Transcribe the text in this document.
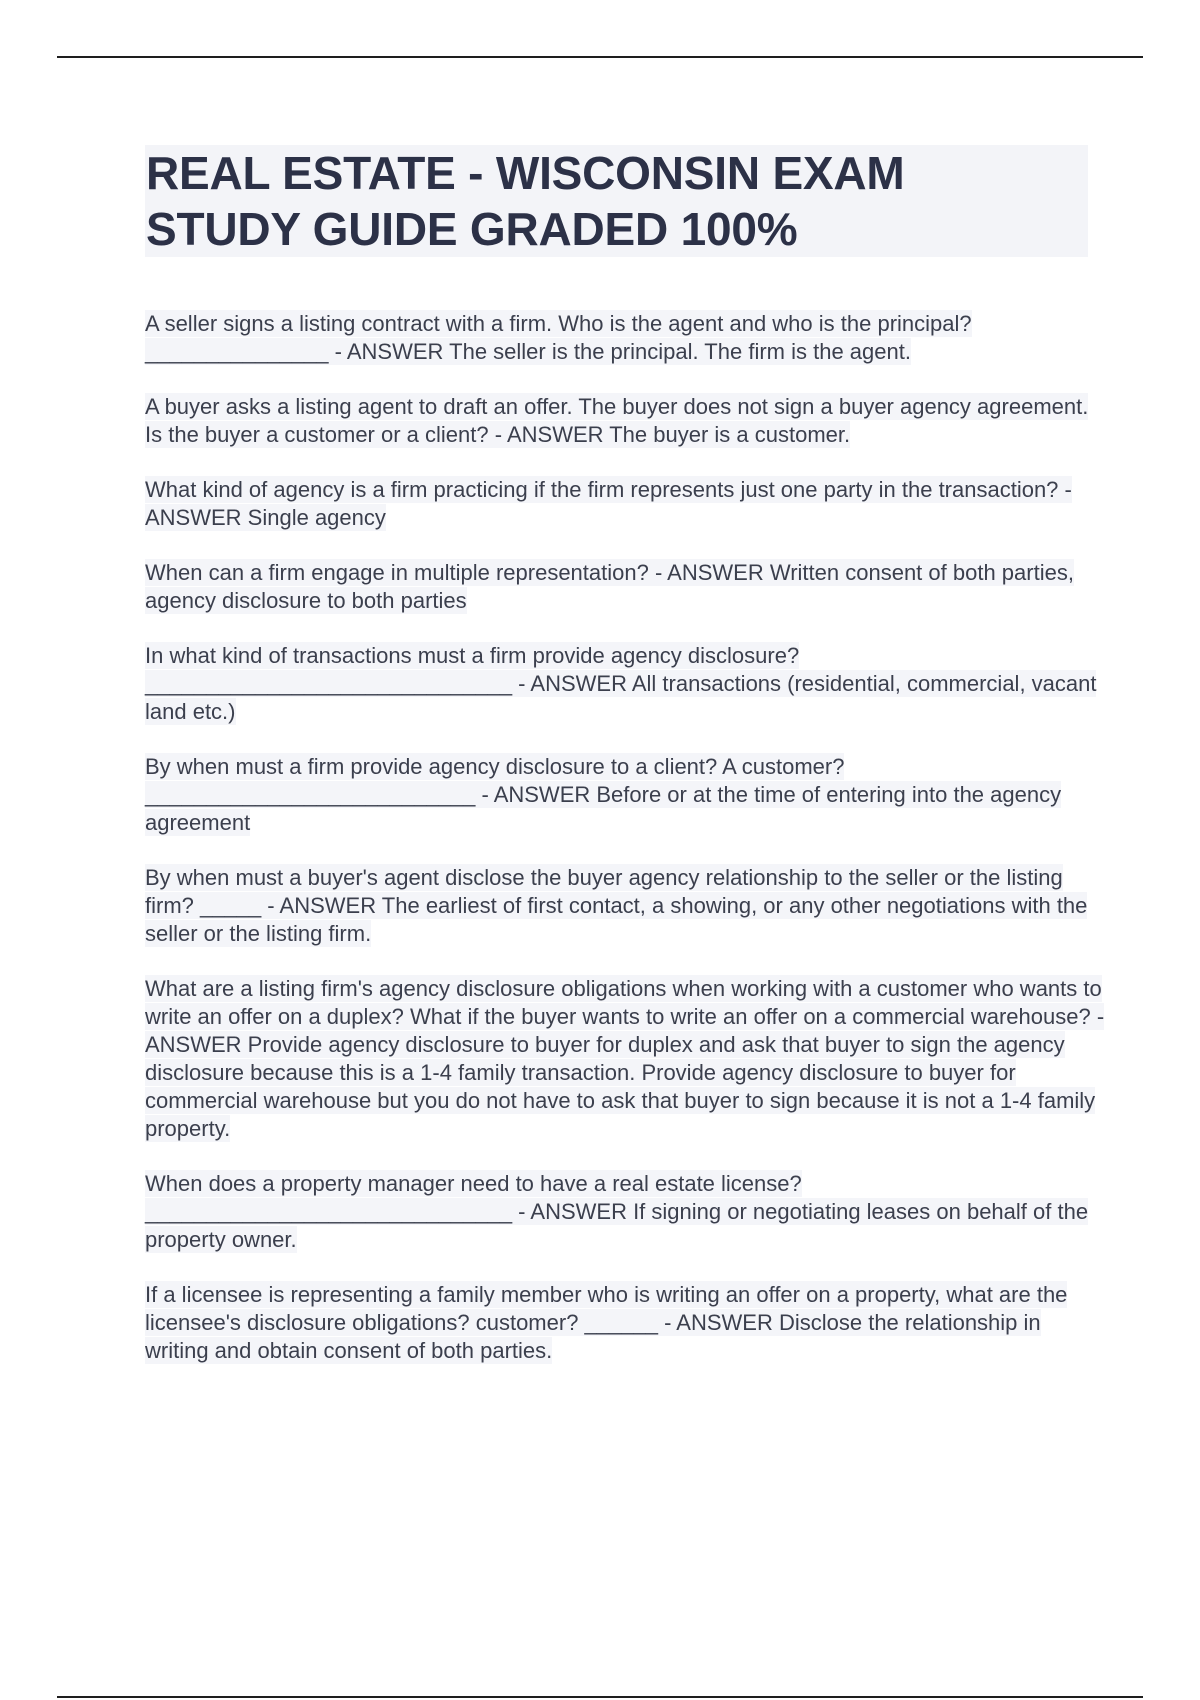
REAL ESTATE - WISCONSIN EXAM
STUDY GUIDE GRADED 100%
A seller signs a listing contract with a firm. Who is the agent and who is the principal? _______________ - ANSWER The seller is the principal. The firm is the agent.
A buyer asks a listing agent to draft an offer. The buyer does not sign a buyer agency agreement. Is the buyer a customer or a client? - ANSWER The buyer is a customer.
What kind of agency is a firm practicing if the firm represents just one party in the transaction? - ANSWER Single agency
When can a firm engage in multiple representation? - ANSWER Written consent of both parties, agency disclosure to both parties
In what kind of transactions must a firm provide agency disclosure? ______________________________ - ANSWER All transactions (residential, commercial, vacant land etc.)
By when must a firm provide agency disclosure to a client? A customer? ___________________________ - ANSWER Before or at the time of entering into the agency agreement
By when must a buyer's agent disclose the buyer agency relationship to the seller or the listing firm? _____ - ANSWER The earliest of first contact, a showing, or any other negotiations with the seller or the listing firm.
What are a listing firm's agency disclosure obligations when working with a customer who wants to write an offer on a duplex? What if the buyer wants to write an offer on a commercial warehouse? - ANSWER Provide agency disclosure to buyer for duplex and ask that buyer to sign the agency disclosure because this is a 1-4 family transaction. Provide agency disclosure to buyer for commercial warehouse but you do not have to ask that buyer to sign because it is not a 1-4 family property.
When does a property manager need to have a real estate license? ______________________________ - ANSWER If signing or negotiating leases on behalf of the property owner.
If a licensee is representing a family member who is writing an offer on a property, what are the licensee's disclosure obligations? customer? ______ - ANSWER Disclose the relationship in writing and obtain consent of both parties.
